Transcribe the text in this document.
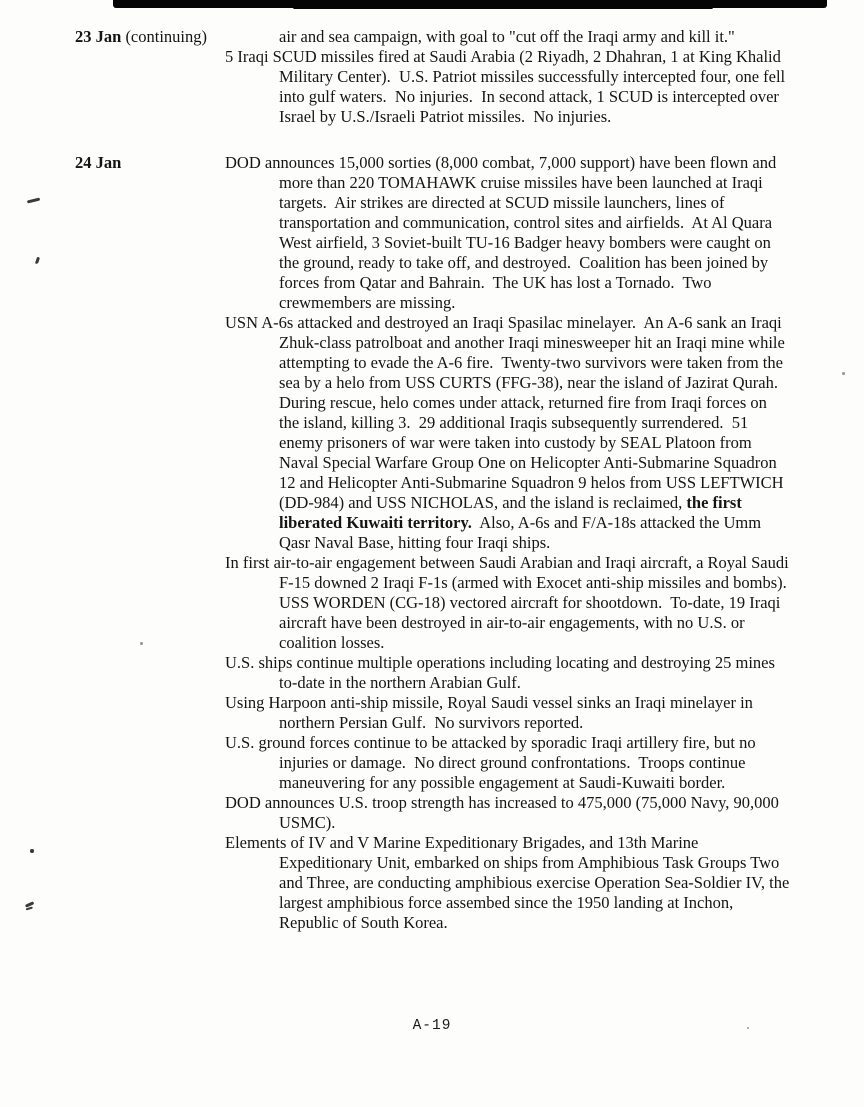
23 Jan (continuing)	air and sea campaign, with goal to "cut off the Iraqi army and kill it."

5 Iraqi SCUD missiles fired at Saudi Arabia (2 Riyadh, 2 Dhahran, 1 at King Khalid Military Center).  U.S. Patriot missiles successfully intercepted four, one fell into gulf waters.  No injuries.  In second attack, 1 SCUD is intercepted over Israel by U.S./Israeli Patriot missiles.  No injuries.

24 Jan	DOD announces 15,000 sorties (8,000 combat, 7,000 support) have been flown and more than 220 TOMAHAWK cruise missiles have been launched at Iraqi targets.  Air strikes are directed at SCUD missile launchers, lines of transportation and communication, control sites and airfields.  At Al Quara West airfield, 3 Soviet-built TU-16 Badger heavy bombers were caught on the ground, ready to take off, and destroyed.  Coalition has been joined by forces from Qatar and Bahrain.  The UK has lost a Tornado.  Two crewmembers are missing.

USN A-6s attacked and destroyed an Iraqi Spasilac minelayer.  An A-6 sank an Iraqi Zhuk-class patrolboat and another Iraqi minesweeper hit an Iraqi mine while attempting to evade the A-6 fire.  Twenty-two survivors were taken from the sea by a helo from USS CURTS (FFG-38), near the island of Jazirat Qurah.  During rescue, helo comes under attack, returned fire from Iraqi forces on the island, killing 3.  29 additional Iraqis subsequently surrendered.  51 enemy prisoners of war were taken into custody by SEAL Platoon from Naval Special Warfare Group One on Helicopter Anti-Submarine Squadron 12 and Helicopter Anti-Submarine Squadron 9 helos from USS LEFTWICH (DD-984) and USS NICHOLAS, and the island is reclaimed, the first liberated Kuwaiti territory.  Also, A-6s and F/A-18s attacked the Umm Qasr Naval Base, hitting four Iraqi ships.

In first air-to-air engagement between Saudi Arabian and Iraqi aircraft, a Royal Saudi F-15 downed 2 Iraqi F-1s (armed with Exocet anti-ship missiles and bombs).  USS WORDEN (CG-18) vectored aircraft for shootdown.  To-date, 19 Iraqi aircraft have been destroyed in air-to-air engagements, with no U.S. or coalition losses.

U.S. ships continue multiple operations including locating and destroying 25 mines to-date in the northern Arabian Gulf.

Using Harpoon anti-ship missile, Royal Saudi vessel sinks an Iraqi minelayer in northern Persian Gulf.  No survivors reported.

U.S. ground forces continue to be attacked by sporadic Iraqi artillery fire, but no injuries or damage.  No direct ground confrontations.  Troops continue maneuvering for any possible engagement at Saudi-Kuwaiti border.

DOD announces U.S. troop strength has increased to 475,000 (75,000 Navy, 90,000 USMC).

Elements of IV and V Marine Expeditionary Brigades, and 13th Marine Expeditionary Unit, embarked on ships from Amphibious Task Groups Two and Three, are conducting amphibious exercise Operation Sea-Soldier IV, the largest amphibious force assembed since the 1950 landing at Inchon, Republic of South Korea.

A-19
